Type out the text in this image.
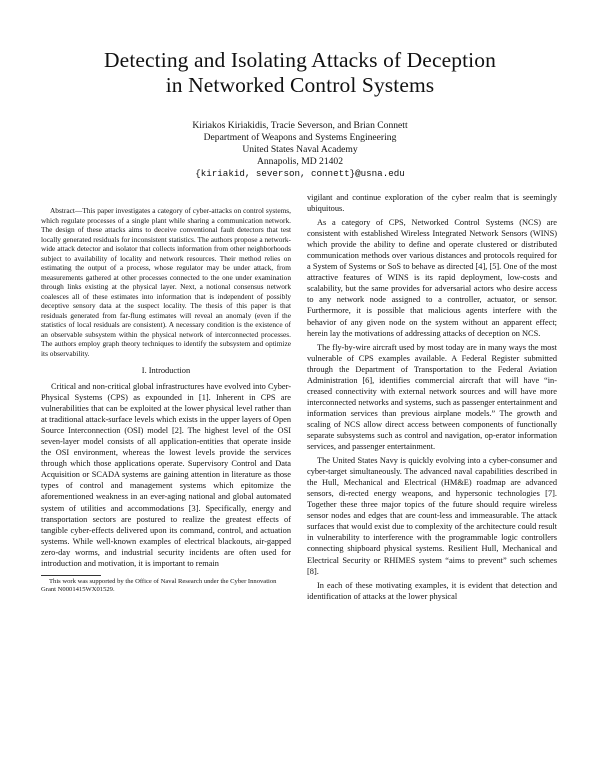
Detecting and Isolating Attacks of Deception
in Networked Control Systems
Kiriakos Kiriakidis, Tracie Severson, and Brian Connett
Department of Weapons and Systems Engineering
United States Naval Academy
Annapolis, MD 21402
{kiriakid, severson, connett}@usna.edu

Abstract—This paper investigates a category of cyber-attacks on control systems, which regulate processes of a single plant while sharing a communication network. The design of these attacks aims to deceive conventional fault detectors that test locally generated residuals for inconsistent statistics. The authors propose a network-wide attack detector and isolator that collects information from other neighborhoods subject to availability of locality and network resources. Their method relies on estimating the output of a process, whose regulator may be under attack, from measurements gathered at other processes connected to the one under examination through links existing at the physical layer. Next, a notional consensus network coalesces all of these estimates into information that is independent of possibly deceptive sensory data at the suspect locality. The thesis of this paper is that residuals generated from far-flung estimates will reveal an anomaly (even if the statistics of local residuals are consistent). A necessary condition is the existence of an observable subsystem within the physical network of interconnected processes. The authors employ graph theory techniques to identify the subsystem and optimize its observability.

I. Introduction

Critical and non-critical global infrastructures have evolved into Cyber-Physical Systems (CPS) as expounded in [1]. Inherent in CPS are vulnerabilities that can be exploited at the lower physical level rather than at traditional attack-surface levels which exists in the upper layers of Open Source Interconnection (OSI) model [2]. The highest level of the OSI seven-layer model consists of all application-entities that operate inside the OSI environment, whereas the lowest levels provide the services through which those applications operate. Supervisory Control and Data Acquisition or SCADA systems are gaining attention in literature as those types of control and management systems which epitomize the aforementioned weakness in an ever-aging national and global automated system of utilities and accommodations [3]. Specifically, energy and transportation sectors are postured to realize the greatest effects of tangible cyber-effects delivered upon its command, control, and actuation systems. While well-known examples of electrical blackouts, air-gapped zero-day worms, and industrial security incidents are often used for introduction and motivation, it is important to remain

This work was supported by the Office of Naval Research under the Cyber Innovation Grant N0001415WX01529.

vigilant and continue exploration of the cyber realm that is seemingly ubiquitous.

As a category of CPS, Networked Control Systems (NCS) are consistent with established Wireless Integrated Network Sensors (WINS) which provide the ability to define and operate clustered or distributed communication methods over various distances and protocols required for a System of Systems or SoS to behave as directed [4], [5]. One of the most attractive features of WINS is its rapid deployment, low-costs and scalability, but the same provides for adversarial actors who desire access to any network node assigned to a controller, actuator, or sensor. Furthermore, it is possible that malicious agents interfere with the behavior of any given node on the system without an apparent effect; herein lay the motivations of addressing attacks of deception on NCS.

The fly-by-wire aircraft used by most today are in many ways the most vulnerable of CPS examples available. A Federal Register submitted through the Department of Transportation to the Federal Aviation Administration [6], identifies commercial aircraft that will have “in-creased connectivity with external network sources and will have more interconnected networks and systems, such as passenger entertainment and information services than previous airplane models.” The growth and scaling of NCS allow direct access between components of functionally separate subsystems such as control and navigation, op-erator information services, and passenger entertainment.

The United States Navy is quickly evolving into a cyber-consumer and cyber-target simultaneously. The advanced naval capabilities described in the Hull, Mechanical and Electrical (HM&E) roadmap are advanced sensors, di-rected energy weapons, and hypersonic technologies [7]. Together these three major topics of the future should require wireless sensor nodes and edges that are count-less and immeasurable. The attack surfaces that would exist due to complexity of the architecture could result in vulnerability to interference with the programmable logic controllers connecting shipboard physical systems. Resilient Hull, Mechanical and Electrical Security or RHIMES system “aims to prevent” such schemes [8].

In each of these motivating examples, it is evident that detection and identification of attacks at the lower physical
